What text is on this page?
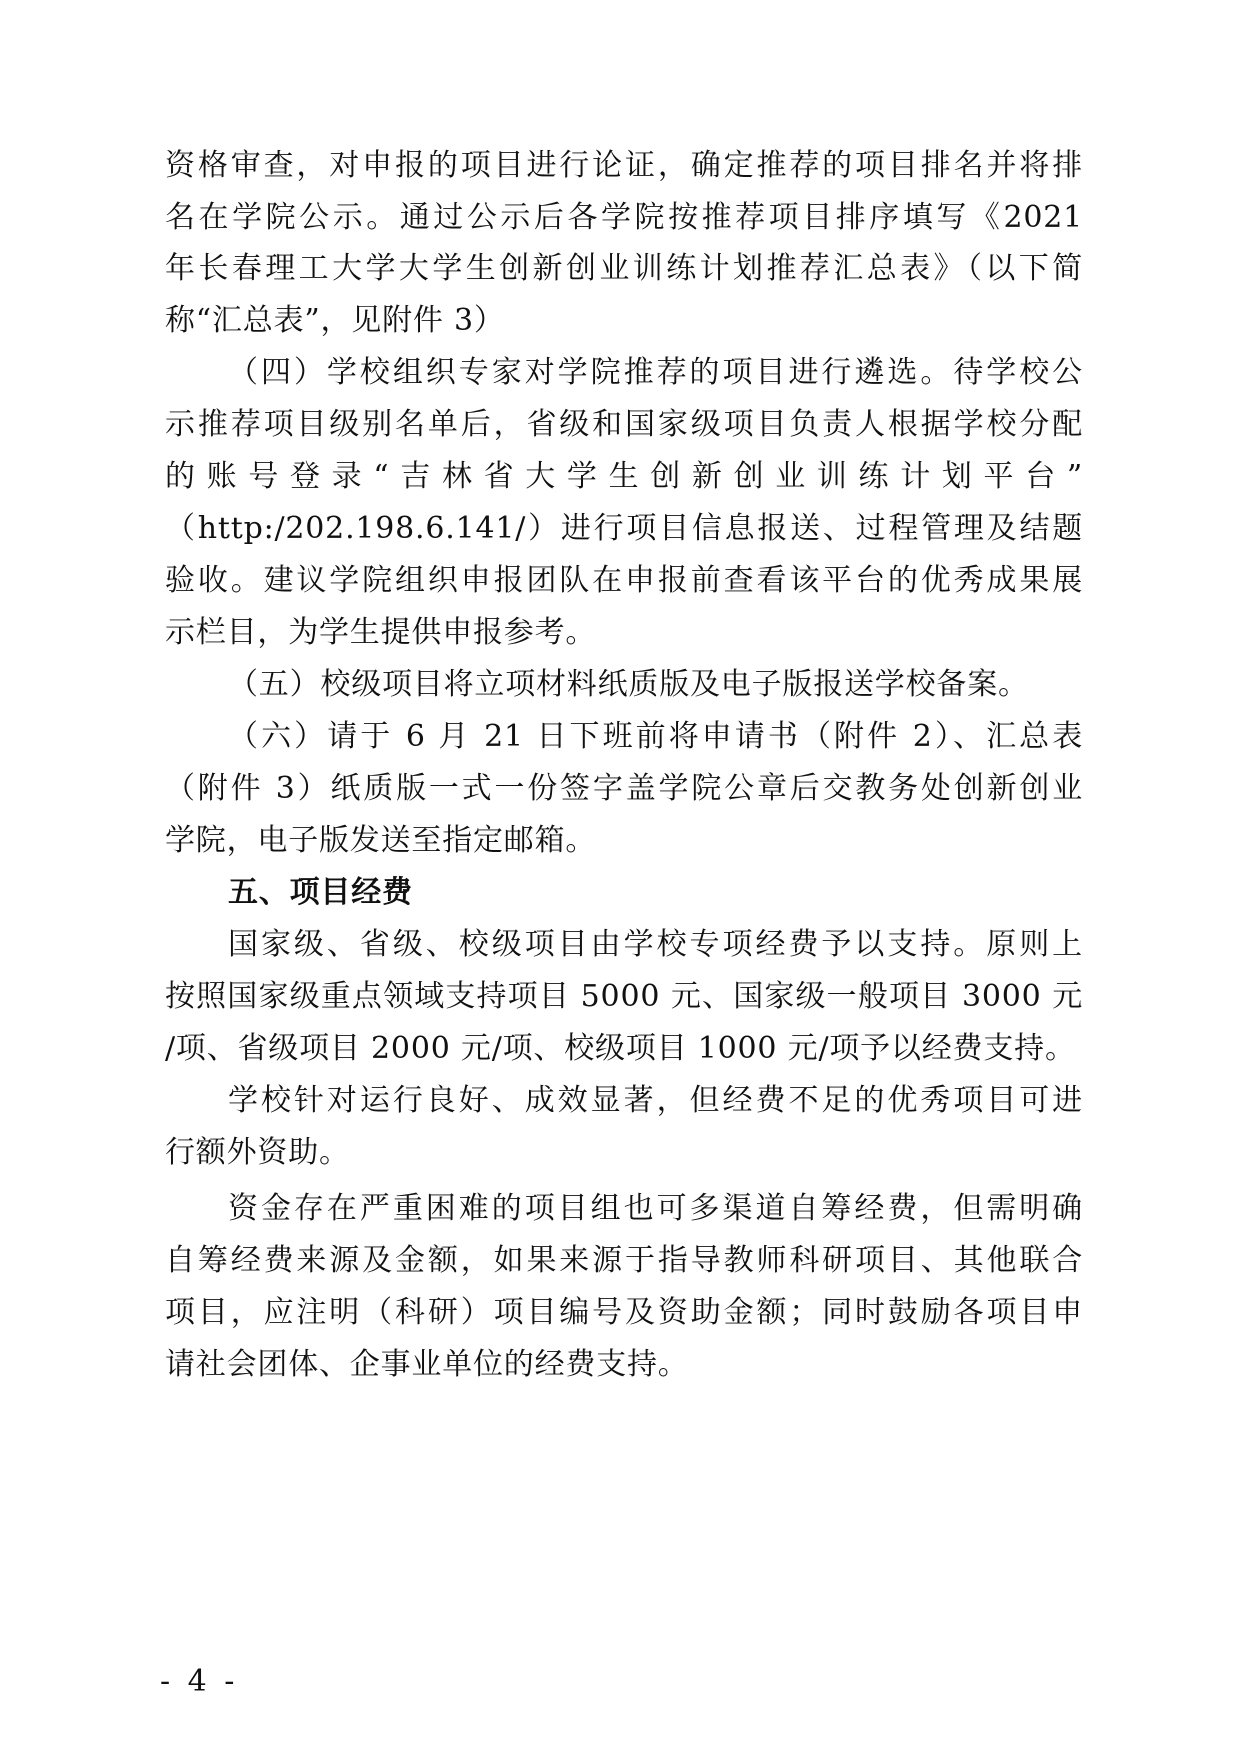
资格审查，对申报的项目进行论证，确定推荐的项目排名并将排
名在学院公示。通过公示后各学院按推荐项目排序填写《2021
年长春理工大学大学生创新创业训练计划推荐汇总表》（以下简
称“汇总表”，见附件 3）
（四）学校组织专家对学院推荐的项目进行遴选。待学校公
示推荐项目级别名单后，省级和国家级项目负责人根据学校分配
的账号登录“吉林省大学生创新创业训练计划平台”
（http:/202.198.6.141/）进行项目信息报送、过程管理及结题
验收。建议学院组织申报团队在申报前查看该平台的优秀成果展
示栏目，为学生提供申报参考。
（五）校级项目将立项材料纸质版及电子版报送学校备案。
（六）请于 6 月 21 日下班前将申请书（附件 2）、汇总表
（附件 3）纸质版一式一份签字盖学院公章后交教务处创新创业
学院，电子版发送至指定邮箱。
五、项目经费
国家级、省级、校级项目由学校专项经费予以支持。原则上
按照国家级重点领域支持项目 5000 元、国家级一般项目 3000 元
/项、省级项目 2000 元/项、校级项目 1000 元/项予以经费支持。
学校针对运行良好、成效显著，但经费不足的优秀项目可进
行额外资助。
资金存在严重困难的项目组也可多渠道自筹经费，但需明确
自筹经费来源及金额，如果来源于指导教师科研项目、其他联合
项目，应注明（科研）项目编号及资助金额；同时鼓励各项目申
请社会团体、企事业单位的经费支持。
- 4 -
